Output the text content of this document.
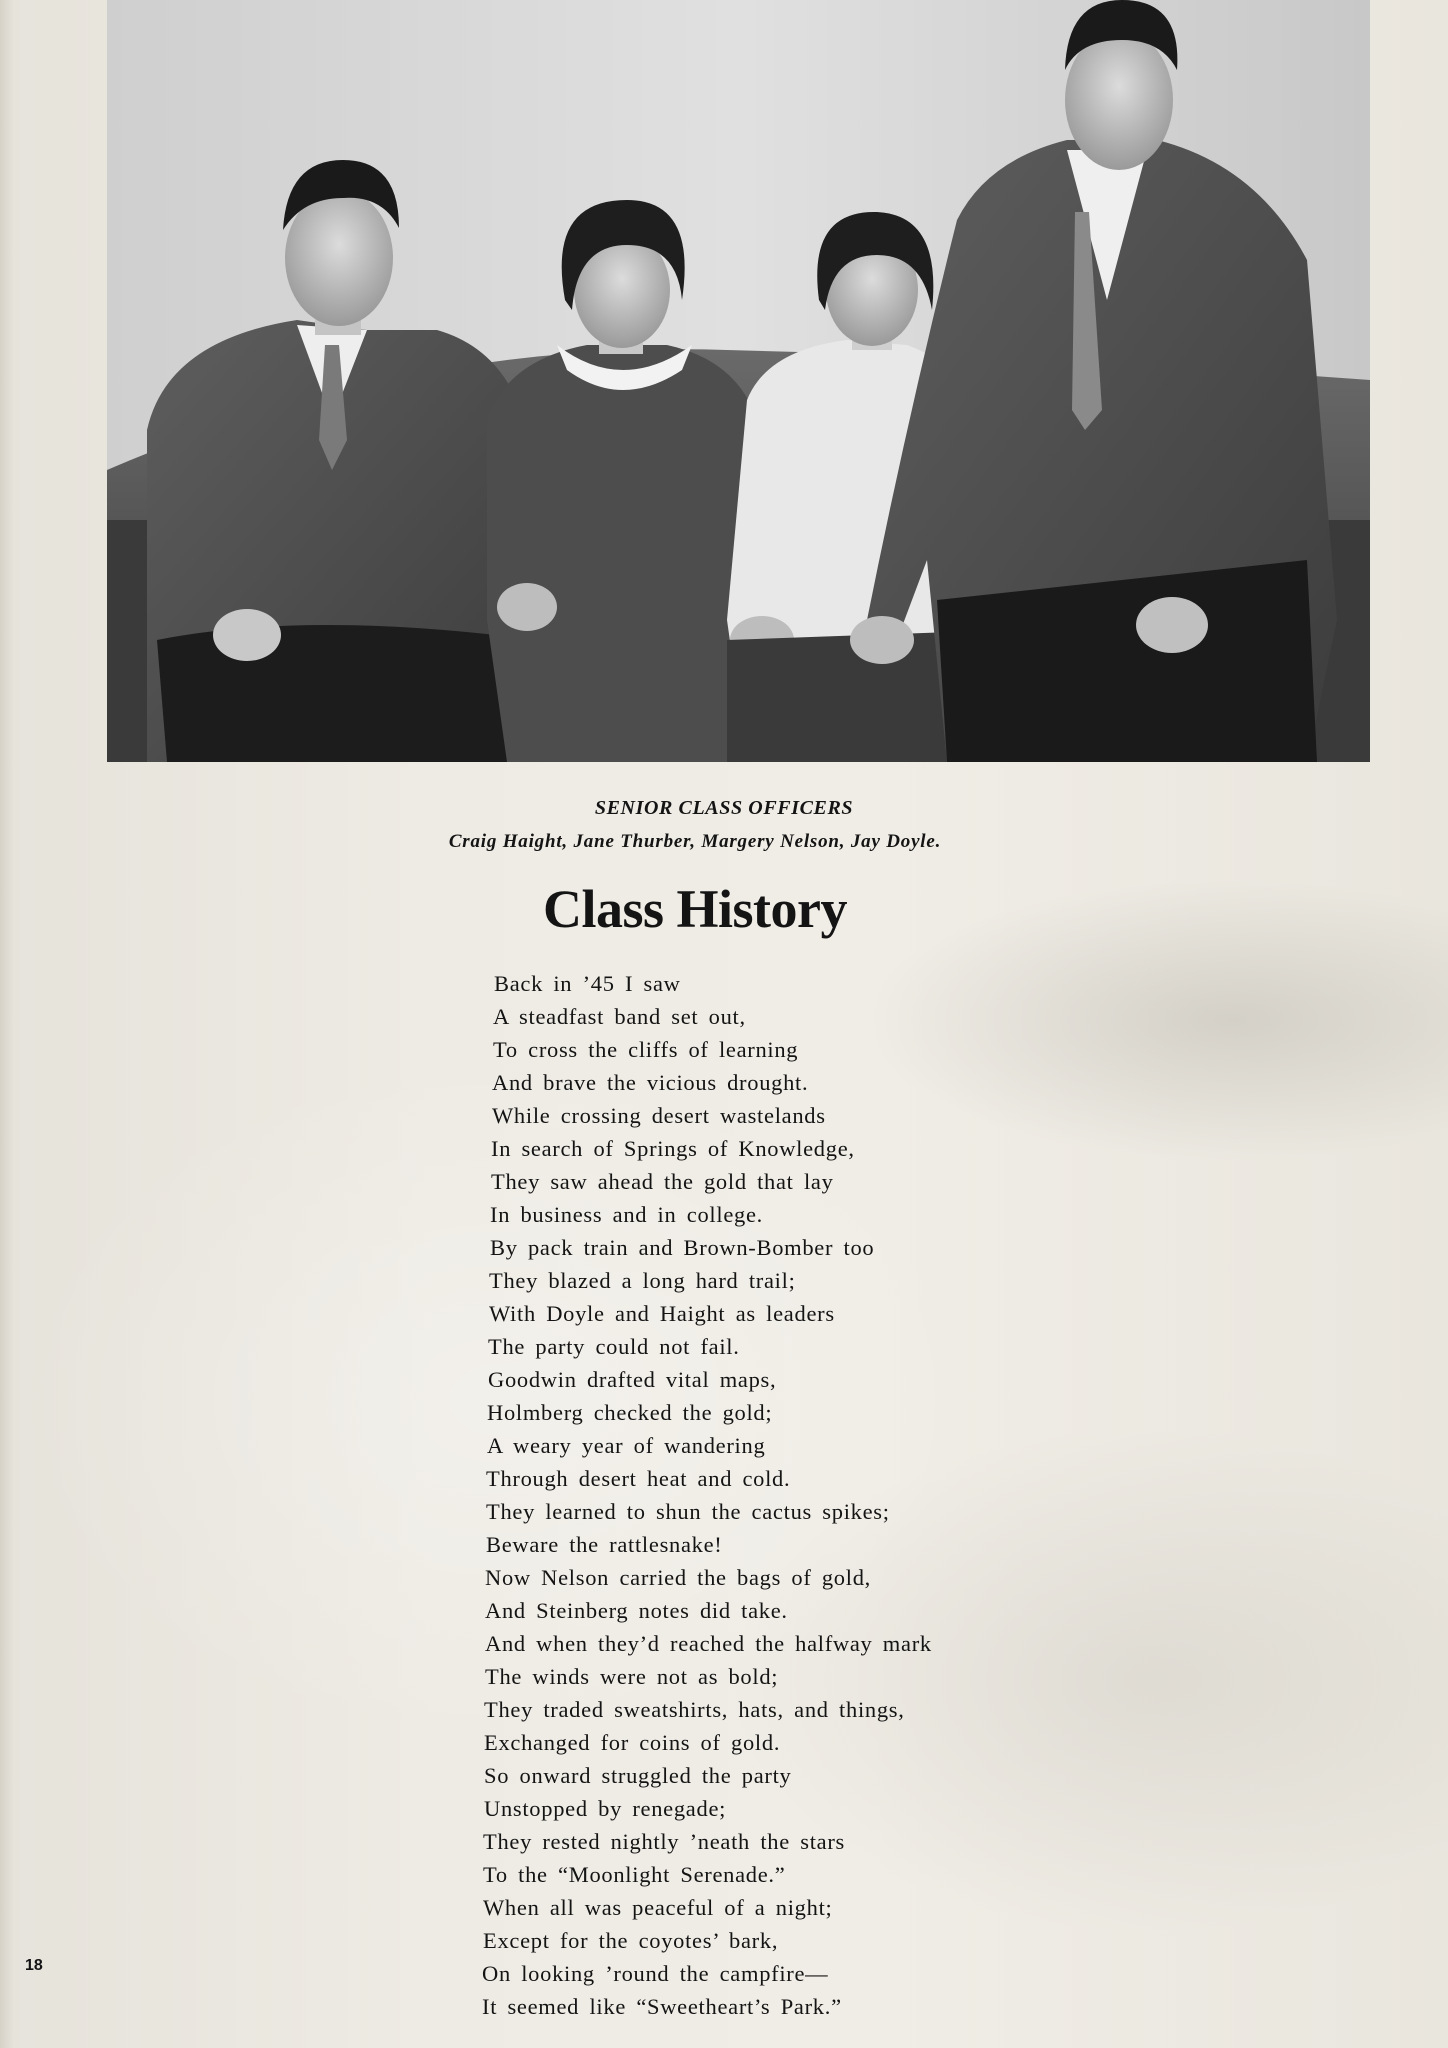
SENIOR CLASS OFFICERS
Craig Haight, Jane Thurber, Margery Nelson, Jay Doyle.
Class History
Back in ’45 I saw
A steadfast band set out,
To cross the cliffs of learning
And brave the vicious drought.
While crossing desert wastelands
In search of Springs of Knowledge,
They saw ahead the gold that lay
In business and in college.
By pack train and Brown-Bomber too
They blazed a long hard trail;
With Doyle and Haight as leaders
The party could not fail.
Goodwin drafted vital maps,
Holmberg checked the gold;
A weary year of wandering
Through desert heat and cold.
They learned to shun the cactus spikes;
Beware the rattlesnake!
Now Nelson carried the bags of gold,
And Steinberg notes did take.
And when they’d reached the halfway mark
The winds were not as bold;
They traded sweatshirts, hats, and things,
Exchanged for coins of gold.
So onward struggled the party
Unstopped by renegade;
They rested nightly ’neath the stars
To the “Moonlight Serenade.”
When all was peaceful of a night;
Except for the coyotes’ bark,
On looking ’round the campfire—
It seemed like “Sweetheart’s Park.”
18
